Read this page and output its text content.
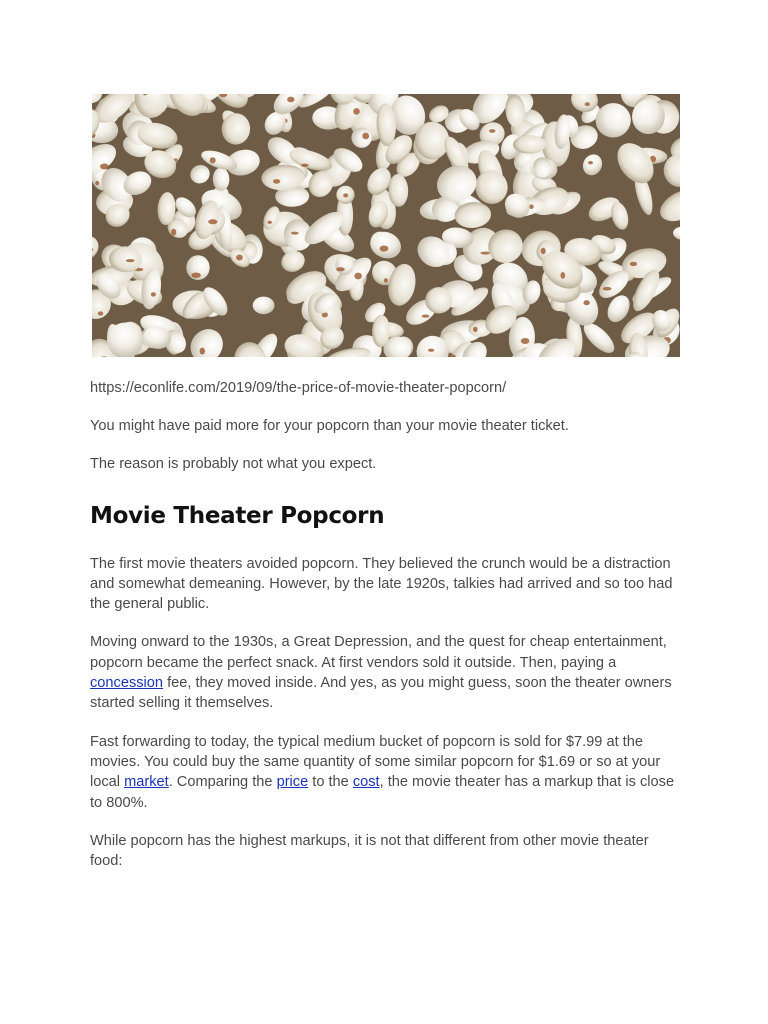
https://econlife.com/2019/09/the-price-of-movie-theater-popcorn/

You might have paid more for your popcorn than your movie theater ticket.

The reason is probably not what you expect.

Movie Theater Popcorn

The first movie theaters avoided popcorn. They believed the crunch would be a distraction and somewhat demeaning. However, by the late 1920s, talkies had arrived and so too had the general public.

Moving onward to the 1930s, a Great Depression, and the quest for cheap entertainment, popcorn became the perfect snack. At first vendors sold it outside. Then, paying a concession fee, they moved inside. And yes, as you might guess, soon the theater owners started selling it themselves.

Fast forwarding to today, the typical medium bucket of popcorn is sold for $7.99 at the movies. You could buy the same quantity of some similar popcorn for $1.69 or so at your local market. Comparing the price to the cost, the movie theater has a markup that is close to 800%.

While popcorn has the highest markups, it is not that different from other movie theater food:
